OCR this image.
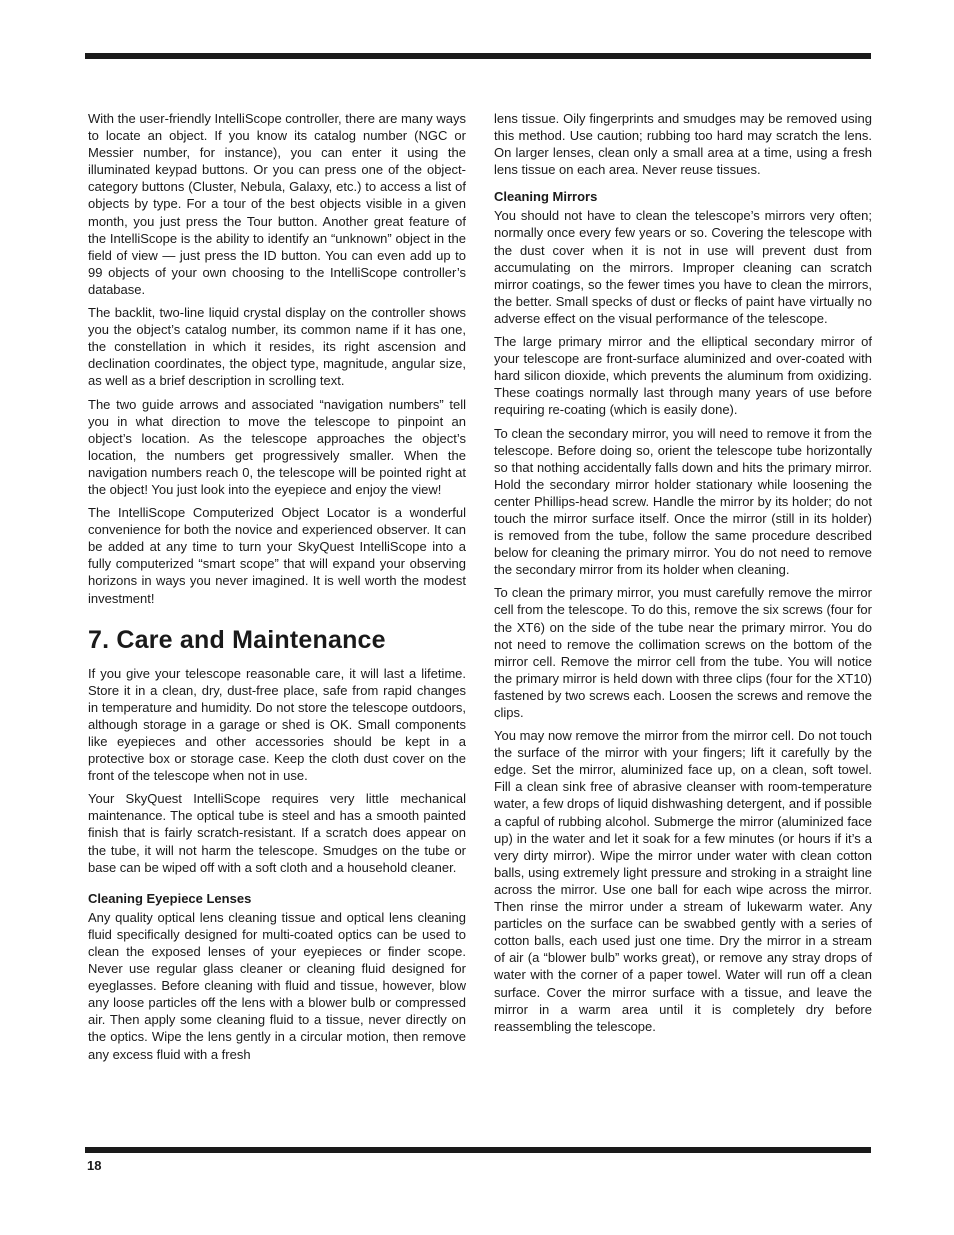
With the user-friendly IntelliScope controller, there are many ways to locate an object. If you know its catalog number (NGC or Messier number, for instance), you can enter it using the illuminated keypad buttons. Or you can press one of the object-category buttons (Cluster, Nebula, Galaxy, etc.) to access a list of objects by type. For a tour of the best objects visible in a given month, you just press the Tour button. Another great feature of the IntelliScope is the ability to identify an “unknown” object in the field of view — just press the ID button. You can even add up to 99 objects of your own choosing to the IntelliScope controller’s database.

The backlit, two-line liquid crystal display on the controller shows you the object’s catalog number, its common name if it has one, the constellation in which it resides, its right ascension and declination coordinates, the object type, magnitude, angular size, as well as a brief description in scrolling text.

The two guide arrows and associated “navigation numbers” tell you in what direction to move the telescope to pinpoint an object’s location. As the telescope approaches the object’s location, the numbers get progressively smaller. When the navigation numbers reach 0, the telescope will be pointed right at the object! You just look into the eyepiece and enjoy the view!

The IntelliScope Computerized Object Locator is a wonderful convenience for both the novice and experienced observer. It can be added at any time to turn your SkyQuest IntelliScope into a fully computerized “smart scope” that will expand your observing horizons in ways you never imagined. It is well worth the modest investment!

7. Care and Maintenance

If you give your telescope reasonable care, it will last a lifetime. Store it in a clean, dry, dust-free place, safe from rapid changes in temperature and humidity. Do not store the telescope outdoors, although storage in a garage or shed is OK. Small components like eyepieces and other accessories should be kept in a protective box or storage case. Keep the cloth dust cover on the front of the telescope when not in use.

Your SkyQuest IntelliScope requires very little mechanical maintenance. The optical tube is steel and has a smooth painted finish that is fairly scratch-resistant. If a scratch does appear on the tube, it will not harm the telescope. Smudges on the tube or base can be wiped off with a soft cloth and a household cleaner.

Cleaning Eyepiece Lenses

Any quality optical lens cleaning tissue and optical lens cleaning fluid specifically designed for multi-coated optics can be used to clean the exposed lenses of your eyepieces or finder scope. Never use regular glass cleaner or cleaning fluid designed for eyeglasses. Before cleaning with fluid and tissue, however, blow any loose particles off the lens with a blower bulb or compressed air. Then apply some cleaning fluid to a tissue, never directly on the optics. Wipe the lens gently in a circular motion, then remove any excess fluid with a fresh

lens tissue. Oily fingerprints and smudges may be removed using this method. Use caution; rubbing too hard may scratch the lens. On larger lenses, clean only a small area at a time, using a fresh lens tissue on each area. Never reuse tissues.

Cleaning Mirrors

You should not have to clean the telescope’s mirrors very often; normally once every few years or so. Covering the telescope with the dust cover when it is not in use will prevent dust from accumulating on the mirrors. Improper cleaning can scratch mirror coatings, so the fewer times you have to clean the mirrors, the better. Small specks of dust or flecks of paint have virtually no adverse effect on the visual performance of the telescope.

The large primary mirror and the elliptical secondary mirror of your telescope are front-surface aluminized and over-coated with hard silicon dioxide, which prevents the aluminum from oxidizing. These coatings normally last through many years of use before requiring re-coating (which is easily done).

To clean the secondary mirror, you will need to remove it from the telescope. Before doing so, orient the telescope tube horizontally so that nothing accidentally falls down and hits the primary mirror. Hold the secondary mirror holder stationary while loosening the center Phillips-head screw. Handle the mirror by its holder; do not touch the mirror surface itself. Once the mirror (still in its holder) is removed from the tube, follow the same procedure described below for cleaning the primary mirror. You do not need to remove the secondary mirror from its holder when cleaning.

To clean the primary mirror, you must carefully remove the mirror cell from the telescope. To do this, remove the six screws (four for the XT6) on the side of the tube near the primary mirror. You do not need to remove the collimation screws on the bottom of the mirror cell. Remove the mirror cell from the tube. You will notice the primary mirror is held down with three clips (four for the XT10) fastened by two screws each. Loosen the screws and remove the clips.

You may now remove the mirror from the mirror cell. Do not touch the surface of the mirror with your fingers; lift it carefully by the edge. Set the mirror, aluminized face up, on a clean, soft towel. Fill a clean sink free of abrasive cleanser with room-temperature water, a few drops of liquid dishwashing detergent, and if possible a capful of rubbing alcohol. Submerge the mirror (aluminized face up) in the water and let it soak for a few minutes (or hours if it’s a very dirty mirror). Wipe the mirror under water with clean cotton balls, using extremely light pressure and stroking in a straight line across the mirror. Use one ball for each wipe across the mirror. Then rinse the mirror under a stream of lukewarm water. Any particles on the surface can be swabbed gently with a series of cotton balls, each used just one time. Dry the mirror in a stream of air (a “blower bulb” works great), or remove any stray drops of water with the corner of a paper towel. Water will run off a clean surface. Cover the mirror surface with a tissue, and leave the mirror in a warm area until it is completely dry before reassembling the telescope.

18
